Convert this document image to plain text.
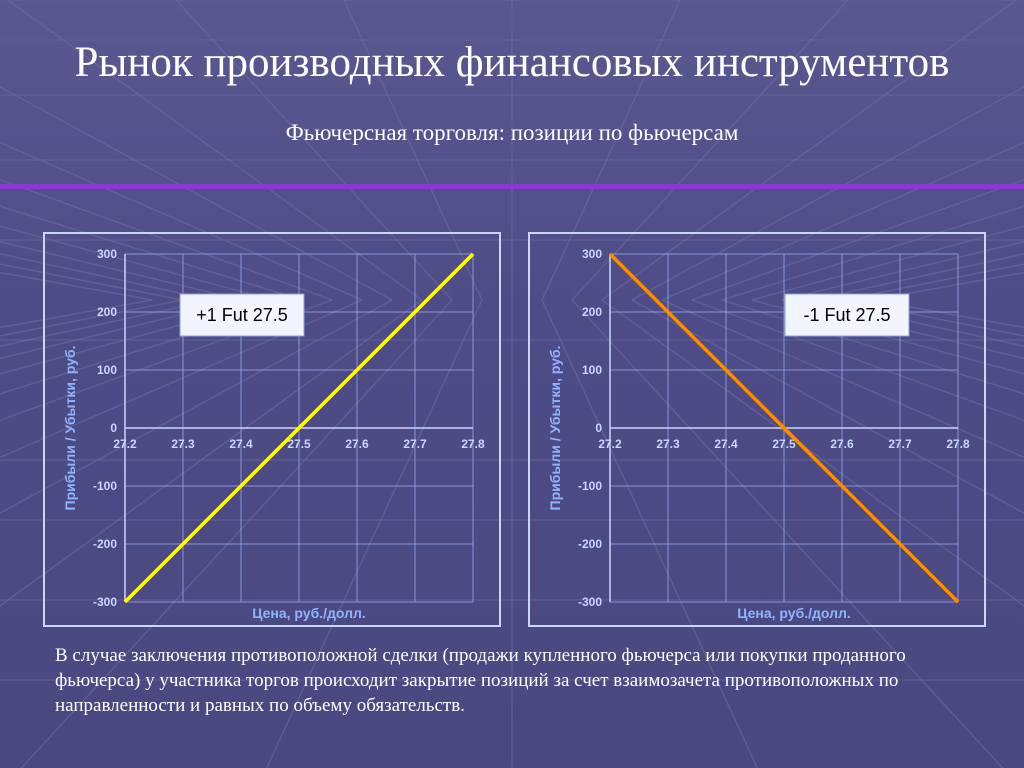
Рынок производных финансовых инструментов
Фьючерсная торговля: позиции по фьючерсам
300
200
100
0
-100
-200
-300
27.2	27.3	27.4	27.5	27.6	27.7	27.8
Цена, руб./долл.
Прибыли / Убытки, руб.
+1 Fut 27.5
300
200
100
0
-100
-200
-300
27.2	27.3	27.4	27.5	27.6	27.7	27.8
Цена, руб./долл.
Прибыли / Убытки, руб.
-1 Fut 27.5
В случае заключения противоположной сделки (продажи купленного фьючерса или покупки проданного фьючерса) у участника торгов происходит закрытие позиций за счет взаимозачета противоположных по направленности и равных по объему обязательств.
